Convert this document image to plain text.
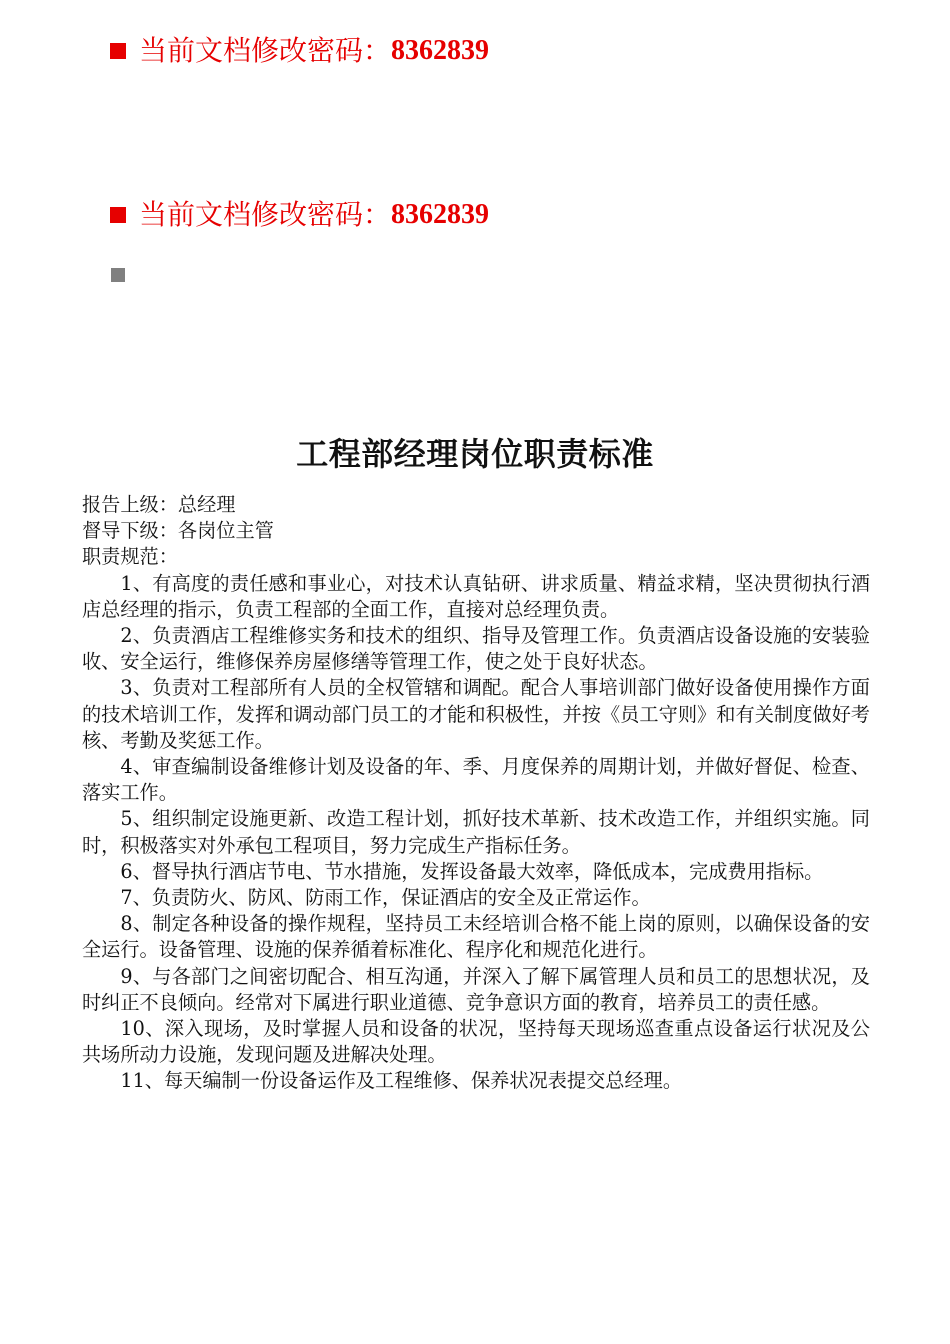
当前文档修改密码： 8362839
当前文档修改密码： 8362839
工程部经理岗位职责标准

报告上级：总经理

督导下级：各岗位主管

职责规范：

1、有高度的责任感和事业心，对技术认真钻研、讲求质量、精益求精，坚决贯彻执行酒店总经理的指示，负责工程部的全面工作，直接对总经理负责。

2、负责酒店工程维修实务和技术的组织、指导及管理工作。负责酒店设备设施的安装验收、安全运行，维修保养房屋修缮等管理工作，使之处于良好状态。

3、负责对工程部所有人员的全权管辖和调配。配合人事培训部门做好设备使用操作方面的技术培训工作，发挥和调动部门员工的才能和积极性，并按《员工守则》和有关制度做好考核、考勤及奖惩工作。

4、审查编制设备维修计划及设备的年、季、月度保养的周期计划，并做好督促、检查、落实工作。

5、组织制定设施更新、改造工程计划，抓好技术革新、技术改造工作，并组织实施。同时，积极落实对外承包工程项目，努力完成生产指标任务。

6、督导执行酒店节电、节水措施，发挥设备最大效率，降低成本，完成费用指标。

7、负责防火、防风、防雨工作，保证酒店的安全及正常运作。

8、制定各种设备的操作规程，坚持员工未经培训合格不能上岗的原则，以确保设备的安全运行。设备管理、设施的保养循着标准化、程序化和规范化进行。

9、与各部门之间密切配合、相互沟通，并深入了解下属管理人员和员工的思想状况，及时纠正不良倾向。经常对下属进行职业道德、竞争意识方面的教育，培养员工的责任感。

10、深入现场，及时掌握人员和设备的状况，坚持每天现场巡查重点设备运行状况及公共场所动力设施，发现问题及进解决处理。

11、每天编制一份设备运作及工程维修、保养状况表提交总经理。
